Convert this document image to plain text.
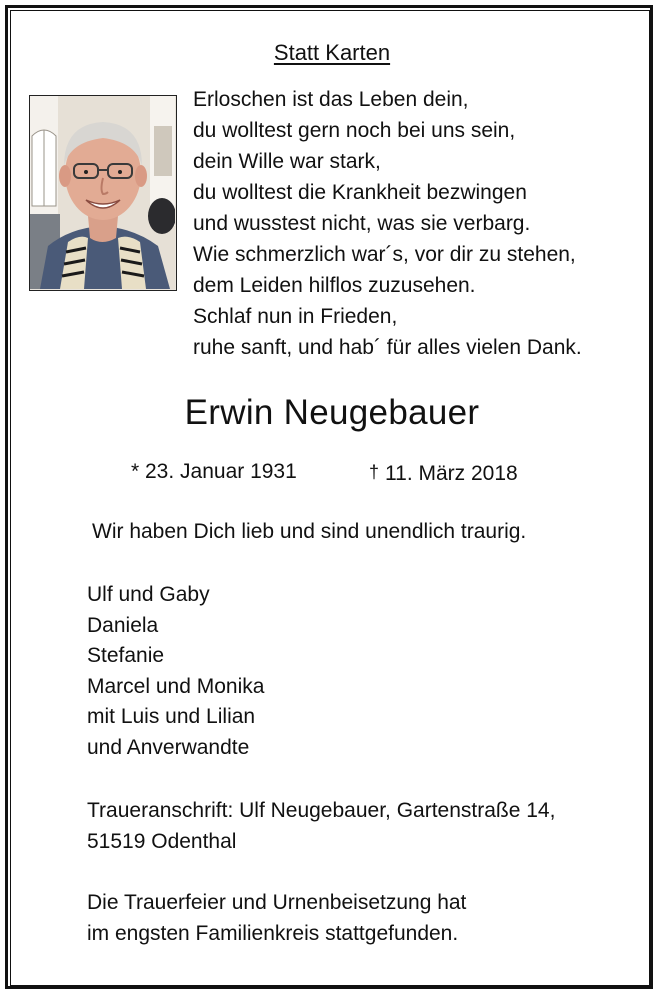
Statt Karten
Erloschen ist das Leben dein,
du wolltest gern noch bei uns sein,
dein Wille war stark,
du wolltest die Krankheit bezwingen
und wusstest nicht, was sie verbarg.
Wie schmerzlich war´s, vor dir zu stehen,
dem Leiden hilflos zuzusehen.
Schlaf nun in Frieden,
ruhe sanft, und hab´ für alles vielen Dank.
Erwin Neugebauer
* 23. Januar 1931	† 11. März 2018
Wir haben Dich lieb und sind unendlich traurig.
Ulf und Gaby
Daniela
Stefanie
Marcel und Monika
mit Luis und Lilian
und Anverwandte
Traueranschrift: Ulf Neugebauer, Gartenstraße 14,
51519 Odenthal
Die Trauerfeier und Urnenbeisetzung hat
im engsten Familienkreis stattgefunden.
